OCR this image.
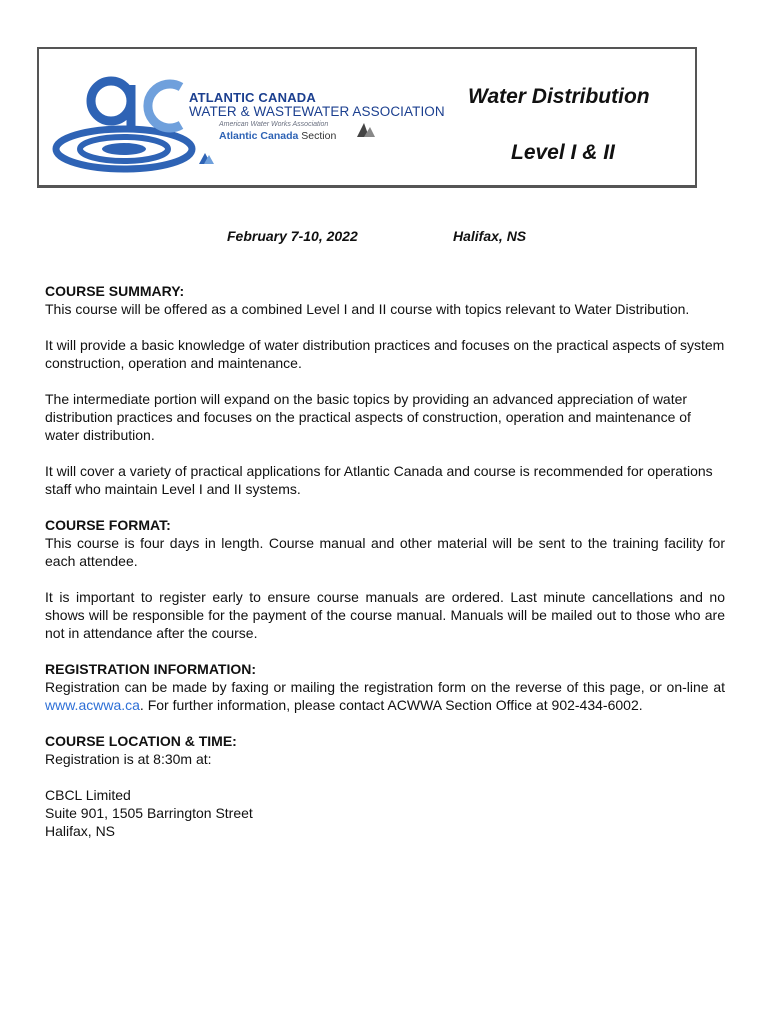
ATLANTIC CANADA
WATER & WASTEWATER ASSOCIATION
American Water Works Association
Atlantic Canada Section
Water Distribution
Level I & II
February 7-10, 2022	Halifax, NS
COURSE SUMMARY:

This course will be offered as a combined Level I and II course with topics relevant to Water Distribution.

It will provide a basic knowledge of water distribution practices and focuses on the practical aspects of system construction, operation and maintenance.

The intermediate portion will expand on the basic topics by providing an advanced appreciation of water distribution practices and focuses on the practical aspects of construction, operation and maintenance of water distribution.

It will cover a variety of practical applications for Atlantic Canada and course is recommended for operations staff who maintain Level I and II systems.

COURSE FORMAT:

This course is four days in length. Course manual and other material will be sent to the training facility for each attendee.

It is important to register early to ensure course manuals are ordered. Last minute cancellations and no shows will be responsible for the payment of the course manual. Manuals will be mailed out to those who are not in attendance after the course.

REGISTRATION INFORMATION:

Registration can be made by faxing or mailing the registration form on the reverse of this page, or on-line at www.acwwa.ca. For further information, please contact ACWWA Section Office at 902-434-6002.

COURSE LOCATION & TIME:

Registration is at 8:30m at:

CBCL Limited

Suite 901, 1505 Barrington Street

Halifax, NS
